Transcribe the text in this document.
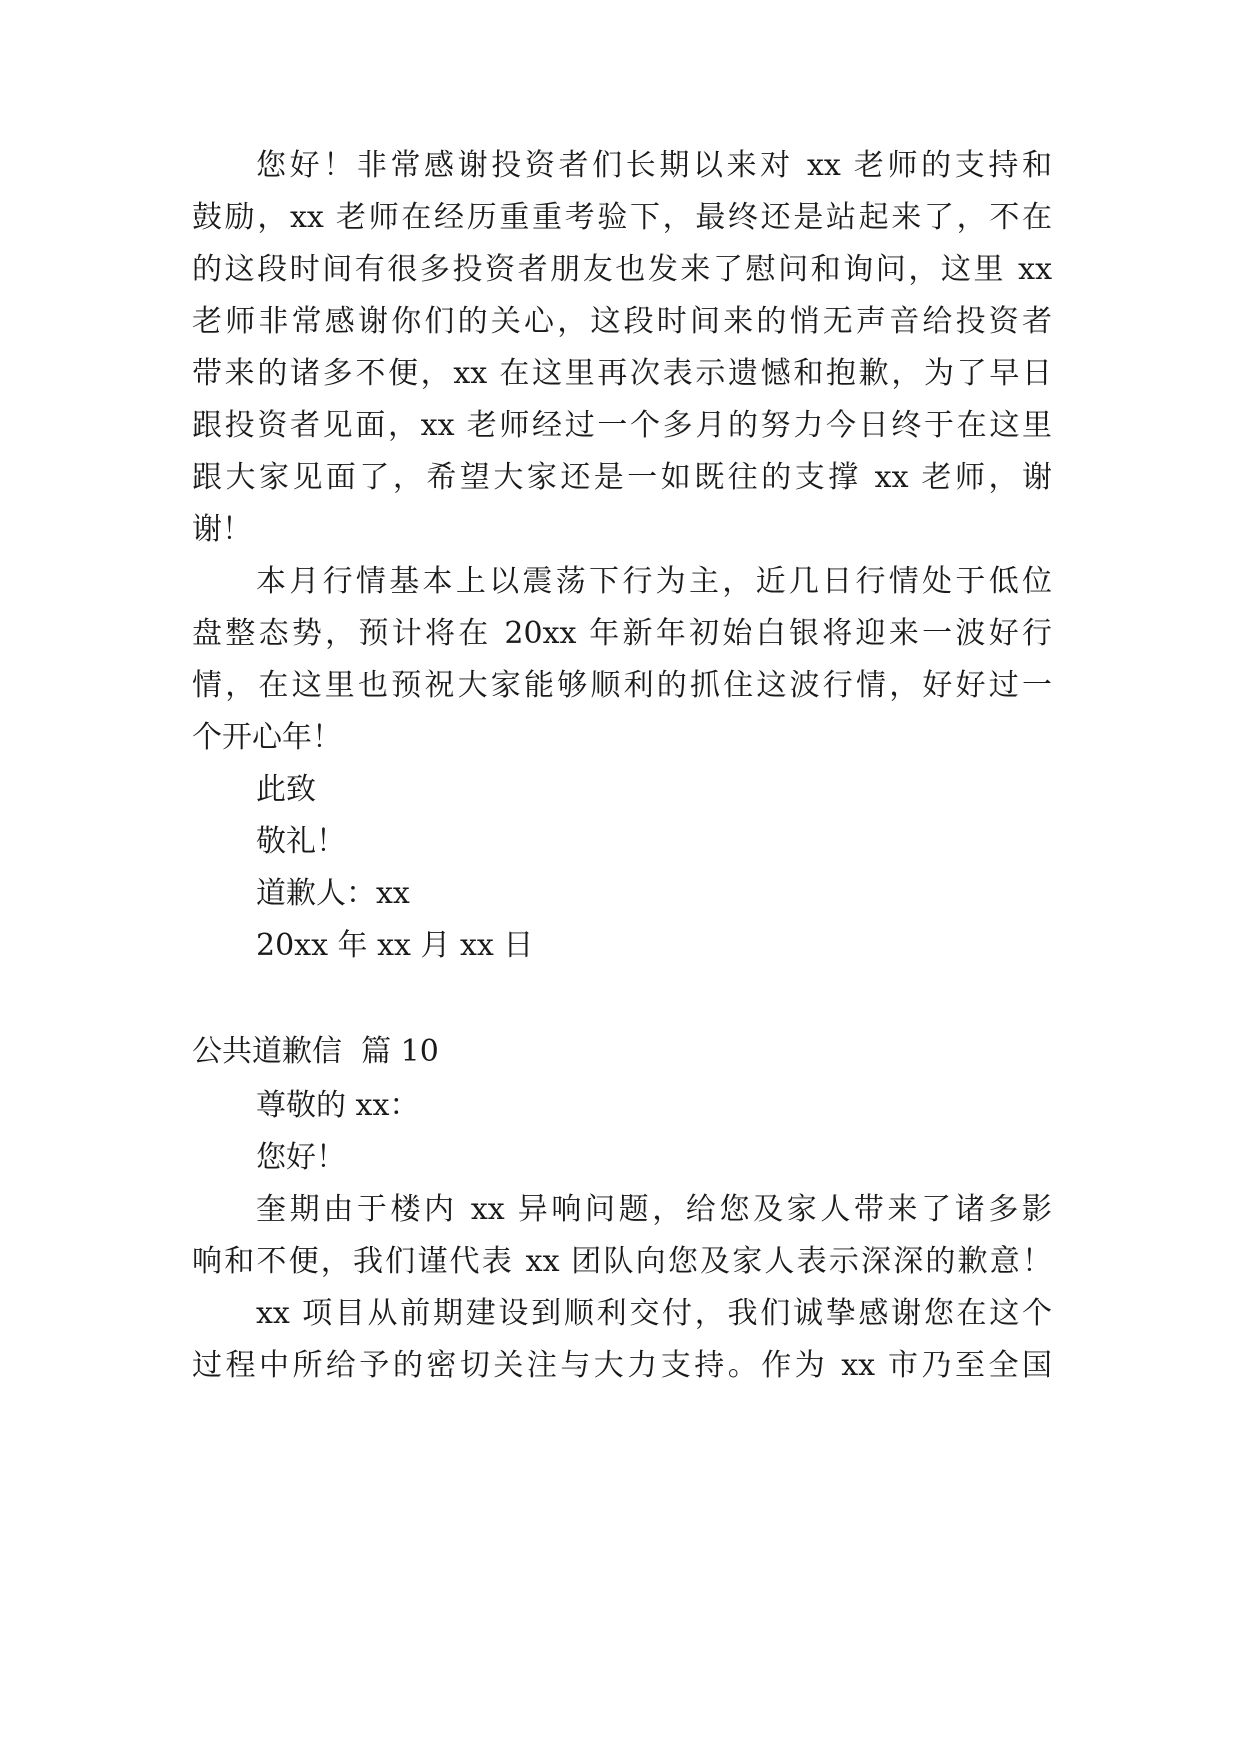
您好！非常感谢投资者们长期以来对 xx 老师的支持和
鼓励，xx 老师在经历重重考验下，最终还是站起来了，不在
的这段时间有很多投资者朋友也发来了慰问和询问，这里 xx
老师非常感谢你们的关心，这段时间来的悄无声音给投资者
带来的诸多不便，xx 在这里再次表示遗憾和抱歉，为了早日
跟投资者见面，xx 老师经过一个多月的努力今日终于在这里
跟大家见面了，希望大家还是一如既往的支撑 xx 老师，谢
谢！
本月行情基本上以震荡下行为主，近几日行情处于低位
盘整态势，预计将在 20xx 年新年初始白银将迎来一波好行
情，在这里也预祝大家能够顺利的抓住这波行情，好好过一
个开心年！
此致
敬礼！
道歉人：xx
20xx 年 xx 月 xx 日
公共道歉信  篇 10
尊敬的 xx：
您好！
奎期由于楼内 xx 异响问题，给您及家人带来了诸多影
响和不便，我们谨代表 xx 团队向您及家人表示深深的歉意！
xx 项目从前期建设到顺利交付，我们诚挚感谢您在这个
过程中所给予的密切关注与大力支持。作为 xx 市乃至全国
